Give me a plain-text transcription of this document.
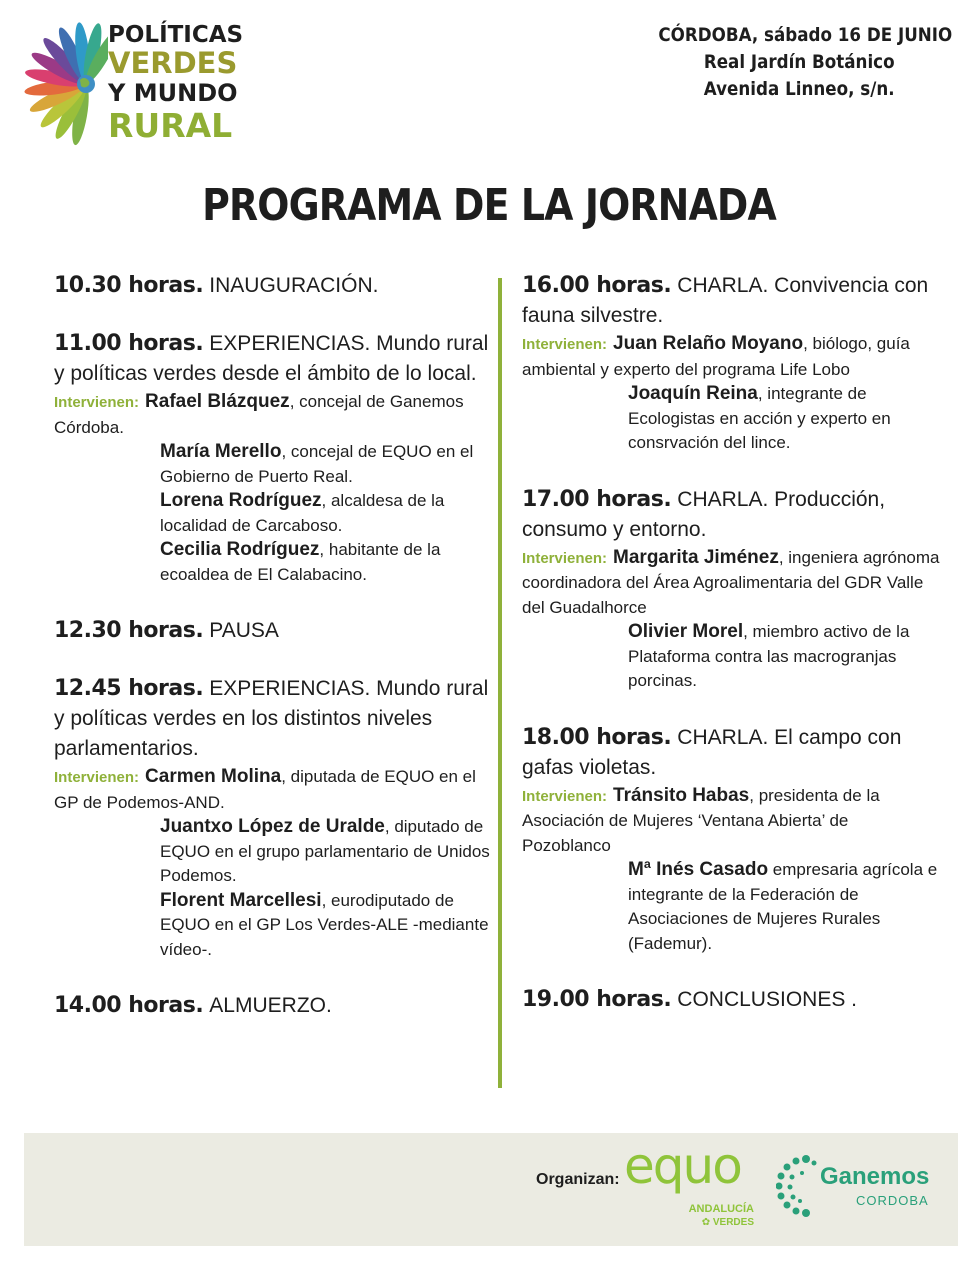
POLÍTICAS
VERDES
Y MUNDO
RURAL
CÓRDOBA, sábado 16 DE JUNIO
Real Jardín Botánico
Avenida Linneo, s/n.
PROGRAMA DE LA JORNADA
10.30 horas. INAUGURACIÓN.
11.00 horas. EXPERIENCIAS. Mundo rural y políticas verdes desde el ámbito de lo local.
Intervienen: Rafael Blázquez, concejal de Ganemos Córdoba.
María Merello, concejal de EQUO en el Gobierno de Puerto Real.
Lorena Rodríguez, alcaldesa de la localidad de Carcaboso.
Cecilia Rodríguez, habitante de la ecoaldea de El Calabacino.
12.30 horas. PAUSA
12.45 horas. EXPERIENCIAS. Mundo rural y políticas verdes en los distintos niveles parlamentarios.
Intervienen: Carmen Molina, diputada de EQUO en el GP de Podemos-AND.
Juantxo López de Uralde, diputado de EQUO en el grupo parlamentario de Unidos Podemos.
Florent Marcellesi, eurodiputado de EQUO en el GP Los Verdes-ALE -mediante vídeo-.
14.00 horas. ALMUERZO.
16.00 horas. CHARLA. Convivencia con fauna silvestre.
Intervienen: Juan Relaño Moyano, biólogo, guía ambiental y experto del programa Life Lobo
Joaquín Reina, integrante de Ecologistas en acción y experto en consrvación del lince.
17.00 horas. CHARLA. Producción, consumo y entorno.
Intervienen: Margarita Jiménez, ingeniera agrónoma coordinadora del Área Agroalimentaria del GDR Valle del Guadalhorce
Olivier Morel, miembro activo de la Plataforma contra las macrogranjas porcinas.
18.00 horas. CHARLA. El campo con gafas violetas.
Intervienen: Tránsito Habas, presidenta de la Asociación de Mujeres ‘Ventana Abierta’ de Pozoblanco
Mª Inés Casado empresaria agrícola e integrante de la Federación de Asociaciones de Mujeres Rurales (Fademur).
19.00 horas. CONCLUSIONES .
Organizan: equo
ANDALUCÍA
✿ VERDES
Ganemos
CORDOBA
